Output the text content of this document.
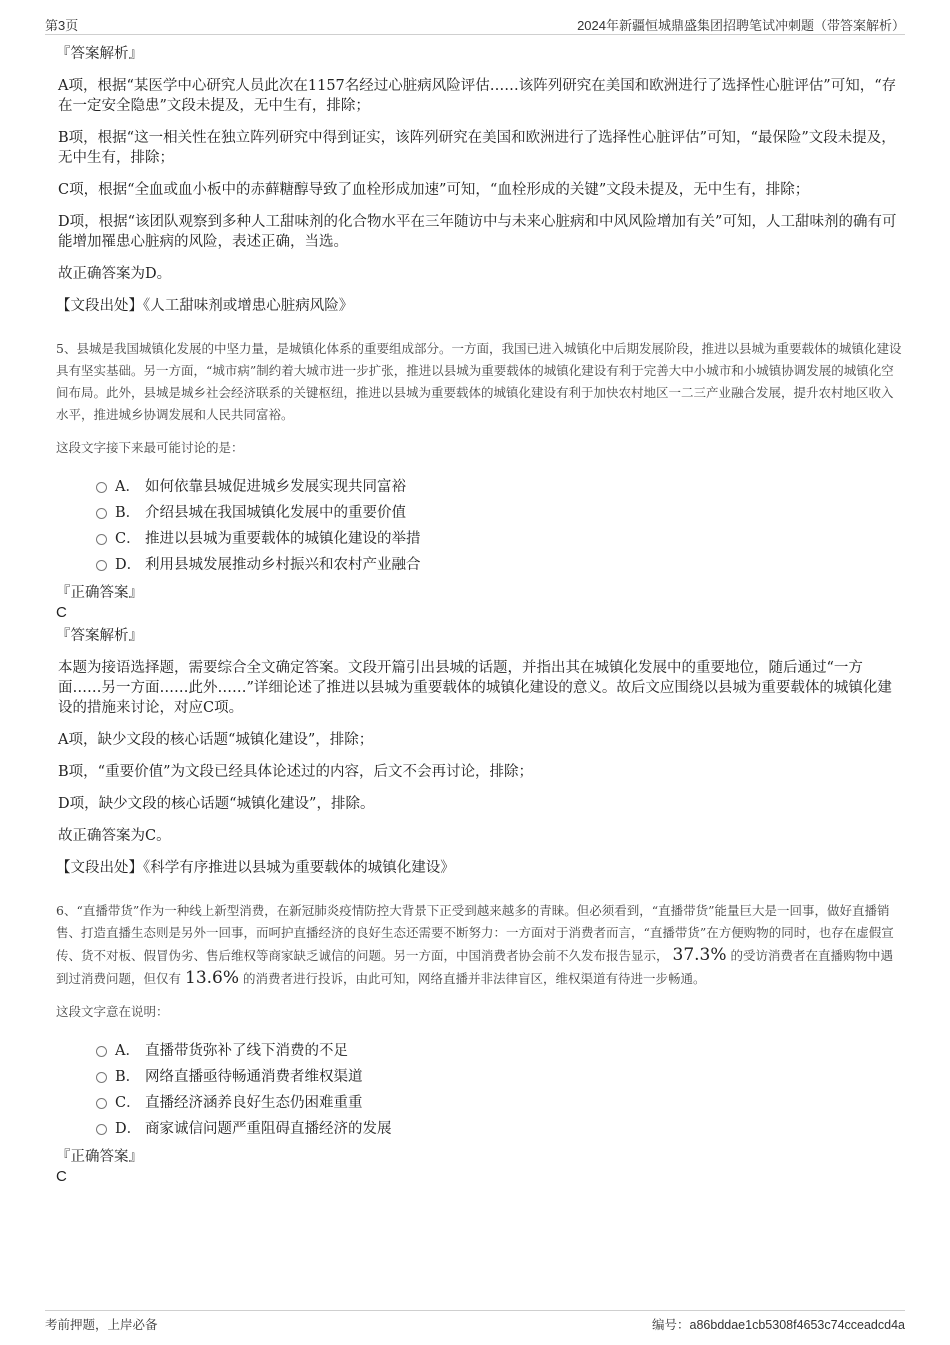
第3页	2024年新疆恒城鼎盛集团招聘笔试冲刺题（带答案解析）

『答案解析』

A项，根据“某医学中心研究人员此次在1157名经过心脏病风险评估……该阵列研究在美国和欧洲进行了选择性心脏评估”可知，“存在一定安全隐患”文段未提及，无中生有，排除；

B项，根据“这一相关性在独立阵列研究中得到证实，该阵列研究在美国和欧洲进行了选择性心脏评估”可知，“最保险”文段未提及，无中生有，排除；

C项，根据“全血或血小板中的赤藓糖醇导致了血栓形成加速”可知，“血栓形成的关键”文段未提及，无中生有，排除；

D项，根据“该团队观察到多种人工甜味剂的化合物水平在三年随访中与未来心脏病和中风风险增加有关”可知，人工甜味剂的确有可能增加罹患心脏病的风险，表述正确，当选。

故正确答案为D。

【文段出处】《人工甜味剂或增患心脏病风险》

5、县城是我国城镇化发展的中坚力量，是城镇化体系的重要组成部分。一方面，我国已进入城镇化中后期发展阶段，推进以县城为重要载体的城镇化建设具有坚实基础。另一方面，“城市病”制约着大城市进一步扩张，推进以县城为重要载体的城镇化建设有利于完善大中小城市和小城镇协调发展的城镇化空间布局。此外，县城是城乡社会经济联系的关键枢纽，推进以县城为重要载体的城镇化建设有利于加快农村地区一二三产业融合发展，提升农村地区收入水平，推进城乡协调发展和人民共同富裕。

这段文字接下来最可能讨论的是：

A． 如何依靠县城促进城乡发展实现共同富裕
B． 介绍县城在我国城镇化发展中的重要价值
C． 推进以县城为重要载体的城镇化建设的举措
D． 利用县城发展推动乡村振兴和农村产业融合

『正确答案』

C

『答案解析』

本题为接语选择题，需要综合全文确定答案。文段开篇引出县城的话题，并指出其在城镇化发展中的重要地位，随后通过“一方面……另一方面……此外……”详细论述了推进以县城为重要载体的城镇化建设的意义。故后文应围绕以县城为重要载体的城镇化建设的措施来讨论，对应C项。

A项，缺少文段的核心话题“城镇化建设”，排除；

B项，“重要价值”为文段已经具体论述过的内容，后文不会再讨论，排除；

D项，缺少文段的核心话题“城镇化建设”，排除。

故正确答案为C。

【文段出处】《科学有序推进以县城为重要载体的城镇化建设》

6、“直播带货”作为一种线上新型消费，在新冠肺炎疫情防控大背景下正受到越来越多的青睐。但必须看到，“直播带货”能量巨大是一回事，做好直播销售、打造直播生态则是另外一回事，而呵护直播经济的良好生态还需要不断努力：一方面对于消费者而言，“直播带货”在方便购物的同时，也存在虚假宣传、货不对板、假冒伪劣、售后维权等商家缺乏诚信的问题。另一方面，中国消费者协会前不久发布报告显示， 37.3% 的受访消费者在直播购物中遇到过消费问题，但仅有 13.6% 的消费者进行投诉，由此可知，网络直播并非法律盲区，维权渠道有待进一步畅通。

这段文字意在说明：

A． 直播带货弥补了线下消费的不足
B． 网络直播亟待畅通消费者维权渠道
C． 直播经济涵养良好生态仍困难重重
D． 商家诚信问题严重阻碍直播经济的发展

『正确答案』

C

考前押题，上岸必备	编号：a86bddae1cb5308f4653c74cceadcd4a
